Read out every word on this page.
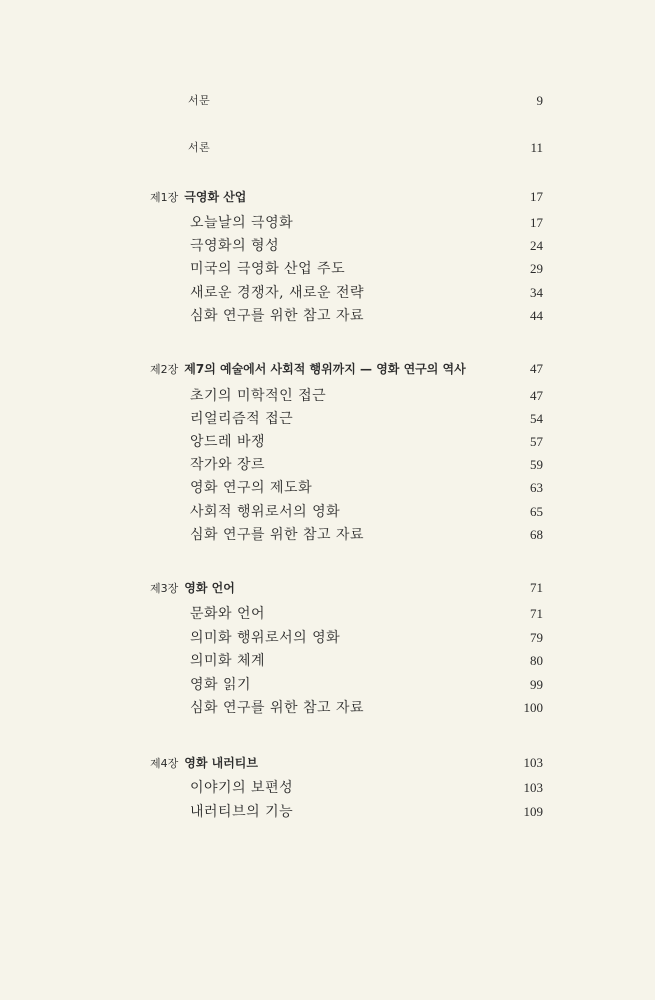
서문	9
서론	11
제1장 극영화 산업	17
오늘날의 극영화	17
극영화의 형성	24
미국의 극영화 산업 주도	29
새로운 경쟁자, 새로운 전략	34
심화 연구를 위한 참고 자료	44
제2장 제7의 예술에서 사회적 행위까지 — 영화 연구의 역사	47
초기의 미학적인 접근	47
리얼리즘적 접근	54
앙드레 바쟁	57
작가와 장르	59
영화 연구의 제도화	63
사회적 행위로서의 영화	65
심화 연구를 위한 참고 자료	68
제3장 영화 언어	71
문화와 언어	71
의미화 행위로서의 영화	79
의미화 체계	80
영화 읽기	99
심화 연구를 위한 참고 자료	100
제4장 영화 내러티브	103
이야기의 보편성	103
내러티브의 기능	109
